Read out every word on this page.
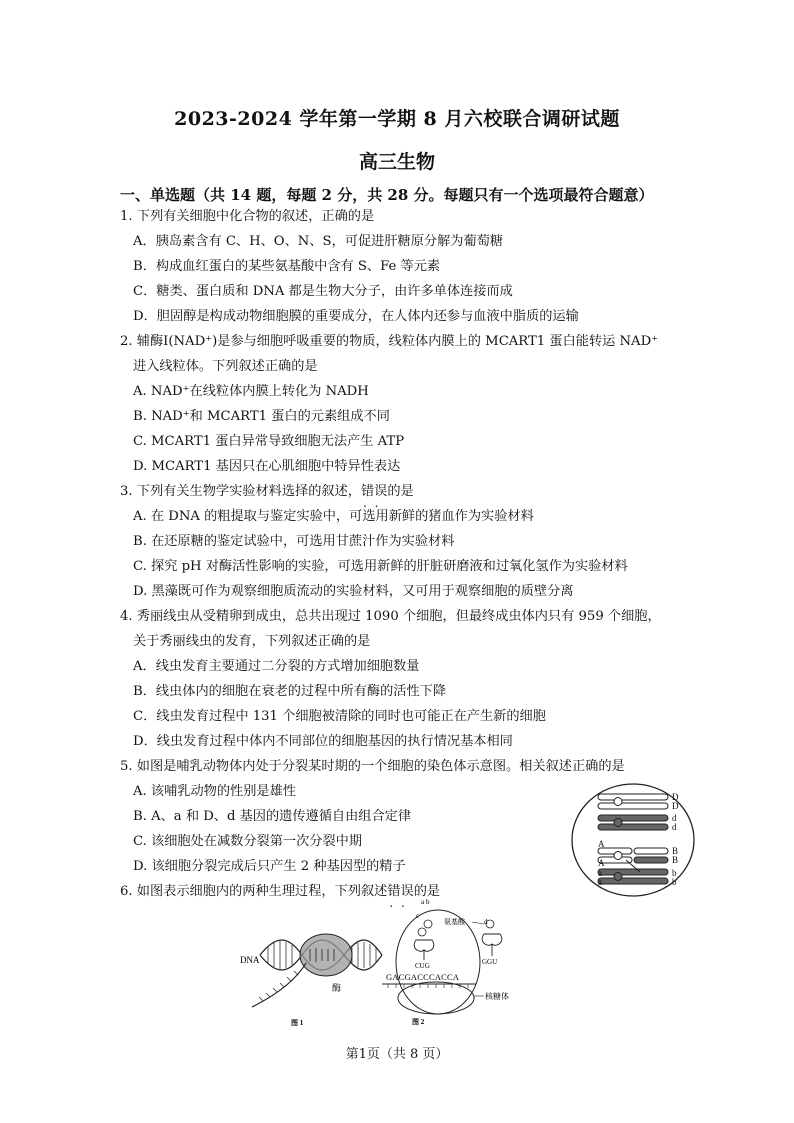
2023-2024 学年第一学期 8 月六校联合调研试题
高三生物
一、单选题（共 14 题，每题 2 分，共 28 分。每题只有一个选项最符合题意）
1. 下列有关细胞中化合物的叙述，正确的是
A．胰岛素含有 C、H、O、N、S，可促进肝糖原分解为葡萄糖
B．构成血红蛋白的某些氨基酸中含有 S、Fe 等元素
C．糖类、蛋白质和 DNA 都是生物大分子，由许多单体连接而成
D．胆固醇是构成动物细胞膜的重要成分，在人体内还参与血液中脂质的运输
2. 辅酶Ⅰ(NAD⁺)是参与细胞呼吸重要的物质，线粒体内膜上的 MCART1 蛋白能转运 NAD⁺
进入线粒体。下列叙述正确的是
A. NAD⁺在线粒体内膜上转化为 NADH
B. NAD⁺和 MCART1 蛋白的元素组成不同
C. MCART1 蛋白异常导致细胞无法产生 ATP
D. MCART1 基因只在心肌细胞中特异性表达
3. 下列有关生物学实验材料选择的叙述，错误 . .的是
A. 在 DNA 的粗提取与鉴定实验中，可选用新鲜的猪血作为实验材料
B. 在还原糖的鉴定试验中，可选用甘蔗汁作为实验材料
C. 探究 pH 对酶活性影响的实验，可选用新鲜的肝脏研磨液和过氧化氢作为实验材料
D. 黑藻既可作为观察细胞质流动的实验材料，又可用于观察细胞的质壁分离
4. 秀丽线虫从受精卵到成虫，总共出现过 1090 个细胞，但最终成虫体内只有 959 个细胞，
关于秀丽线虫的发育，下列叙述正确的是
A．线虫发育主要通过二分裂的方式增加细胞数量
B．线虫体内的细胞在衰老的过程中所有酶的活性下降
C．线虫发育过程中 131 个细胞被清除的同时也可能正在产生新的细胞
D．线虫发育过程中体内不同部位的细胞基因的执行情况基本相同
5. 如图是哺乳动物体内处于分裂某时期的一个细胞的染色体示意图。相关叙述正确的是
A. 该哺乳动物的性别是雄性
B. A、a 和 D、d 基因的遗传遵循自由组合定律
C. 该细胞处在减数分裂第一次分裂中期
D. 该细胞分裂完成后只产生 2 种基因型的精子
D
D
d
d
A
A
B
B
a
a
b
b
6. 如图表示细胞内的两种生理过程，下列叙述错误 . .的是
DNA
酶
图 1
a b
c
d
氨基酸
CUG	GGU
GACGACCCACCA
核糖体
图 2
第1页（共 8 页）
